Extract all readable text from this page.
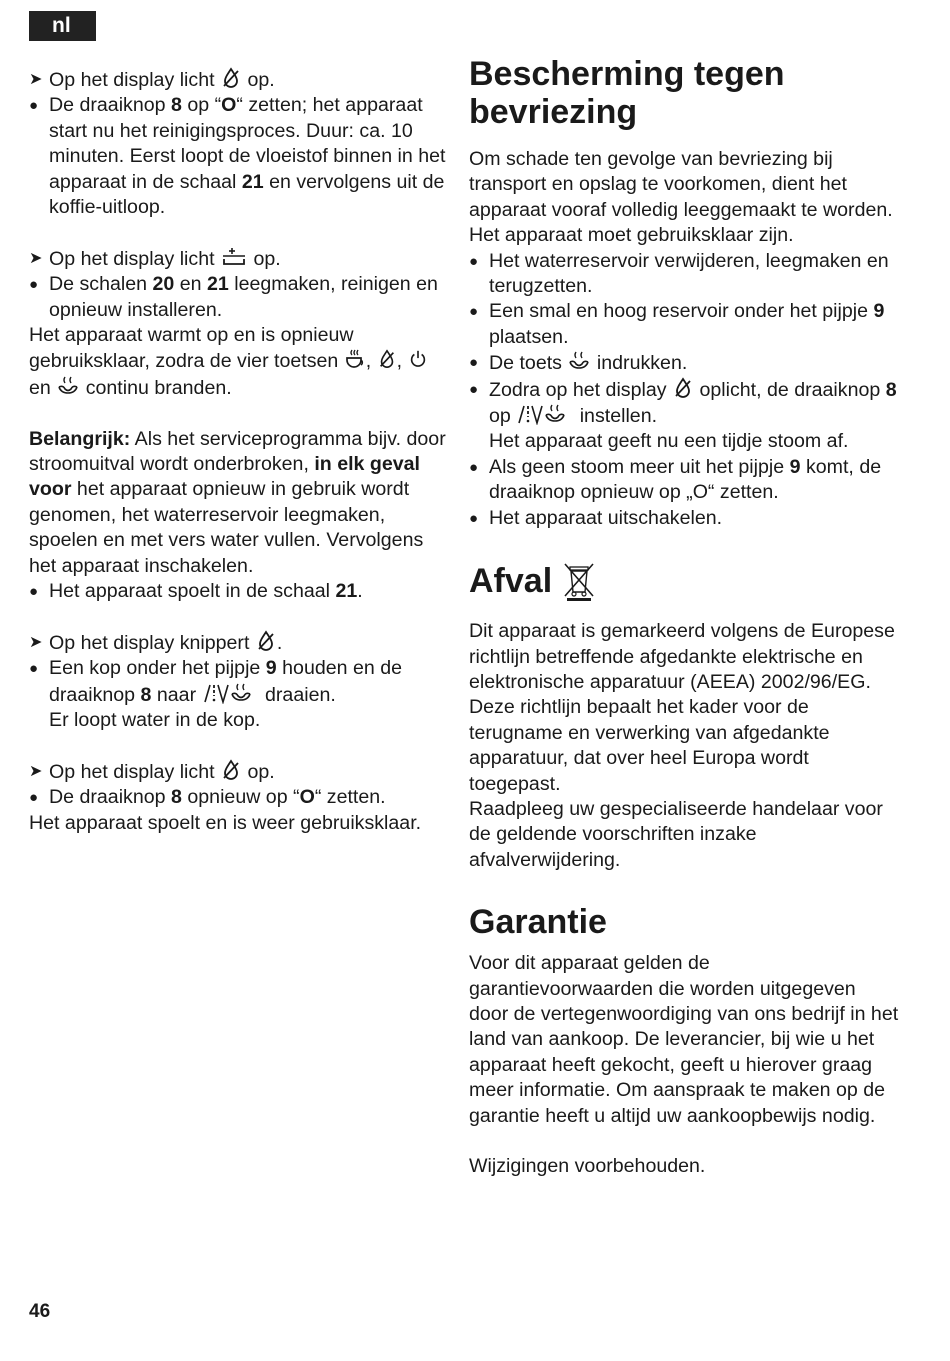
nl
➤ Op het display licht op.
● De draaiknop 8 op “O“ zetten; het apparaat start nu het reinigingsproces. Duur: ca. 10 minuten. Eerst loopt de vloeistof binnen in het apparaat in de schaal 21 en vervolgens uit de koffie-uitloop.
➤ Op het display licht op.
● De schalen 20 en 21 leegmaken, reinigen en opnieuw installeren.

Het apparaat warmt op en is opnieuw gebruiksklaar, zodra de vier toetsen , ,  en continu branden.

Belangrijk: Als het serviceprogramma bijv. door stroomuitval wordt onderbroken, in elk geval voor het apparaat opnieuw in gebruik wordt genomen, het waterreservoir leegmaken, spoelen en met vers water vullen. Vervolgens het apparaat inschakelen.

● Het apparaat spoelt in de schaal 21.
➤ Op het display knippert .
● Een kop onder het pijpje 9 houden en de draaiknop 8 naar	draaien.
Er loopt water in de kop.
➤ Op het display licht op.
● De draaiknop 8 opnieuw op “O“ zetten.

Het apparaat spoelt en is weer gebruiksklaar.

Bescherming tegen bevriezing

Om schade ten gevolge van bevriezing bij transport en opslag te voorkomen, dient het apparaat vooraf volledig leeggemaakt te worden.

Het apparaat moet gebruiksklaar zijn.

● Het waterreservoir verwijderen, leegmaken en terugzetten.
● Een smal en hoog reservoir onder het pijpje 9 plaatsen.
● De toets indrukken.
● Zodra op het display oplicht, de draaiknop 8 op	instellen.
Het apparaat geeft nu een tijdje stoom af.
● Als geen stoom meer uit het pijpje 9 komt, de draaiknop opnieuw op „O“ zetten.
● Het apparaat uitschakelen.
Afval

Dit apparaat is gemarkeerd volgens de Europese richtlijn betreffende afgedankte elektrische en elektronische apparatuur (AEEA) 2002/96/EG. Deze richtlijn bepaalt het kader voor de terugname en verwerking van afgedankte apparatuur, dat over heel Europa wordt toegepast.

Raadpleeg uw gespecialiseerde handelaar voor de geldende voorschriften inzake afvalverwijdering.

Garantie

Voor dit apparaat gelden de garantievoorwaarden die worden uitgegeven door de vertegenwoordiging van ons bedrijf in het land van aankoop. De leverancier, bij wie u het apparaat heeft gekocht, geeft u hierover graag meer informatie. Om aanspraak te maken op de garantie heeft u altijd uw aankoopbewijs nodig.

Wijzigingen voorbehouden.

46
